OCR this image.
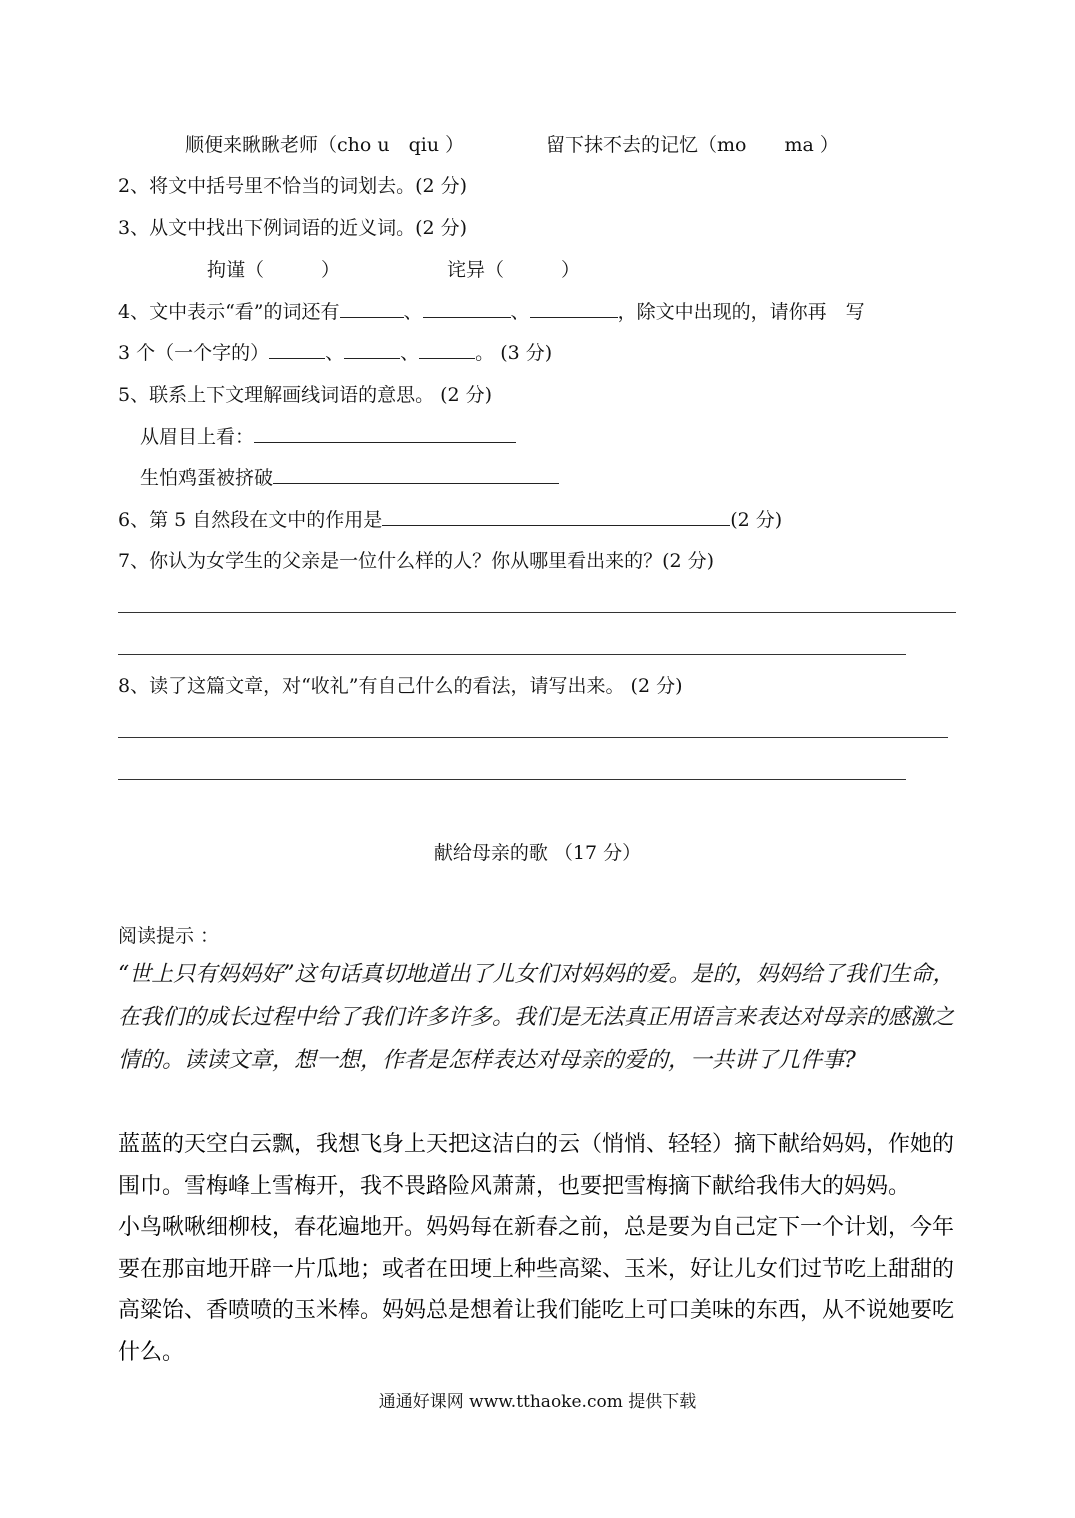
顺便来瞅瞅老师（cho u　qiu ）	留下抹不去的记忆（mo　　ma ）
2、将文中括号里不恰当的词划去。(2 分)
3、从文中找出下例词语的近义词。(2 分)
拘谨（　　　）	诧异（　　　）
4、文中表示“看”的词还有	、	、	，除文中出现的，请你再　写
3 个（一个字的）	、	、	。 (3 分)
5、联系上下文理解画线词语的意思。 (2 分)
从眉目上看：
生怕鸡蛋被挤破
6、第 5 自然段在文中的作用是	(2 分)
7、你认为女学生的父亲是一位什么样的人？你从哪里看出来的？(2 分)
8、读了这篇文章，对“收礼”有自己什么的看法，请写出来。 (2 分)
献给母亲的歌 （17 分）
阅读提示 ：
“世上只有妈妈好”这句话真切地道出了儿女们对妈妈的爱。是的，妈妈给了我们生命，
在我们的成长过程中给了我们许多许多。我们是无法真正用语言来表达对母亲的感激之
情的。读读文章，想一想，作者是怎样表达对母亲的爱的，一共讲了几件事?
蓝蓝的天空白云飘，我想飞身上天把这洁白的云（悄悄、轻轻）摘下献给妈妈，作她的
围巾。雪梅峰上雪梅开，我不畏路险风萧萧，也要把雪梅摘下献给我伟大的妈妈。
小鸟啾啾细柳枝，春花遍地开。妈妈每在新春之前，总是要为自己定下一个计划，今年
要在那亩地开辟一片瓜地；或者在田埂上种些高粱、玉米，好让儿女们过节吃上甜甜的
高粱饴、香喷喷的玉米棒。妈妈总是想着让我们能吃上可口美味的东西，从不说她要吃
什么。
通通好课网 www.tthaoke.com 提供下载
